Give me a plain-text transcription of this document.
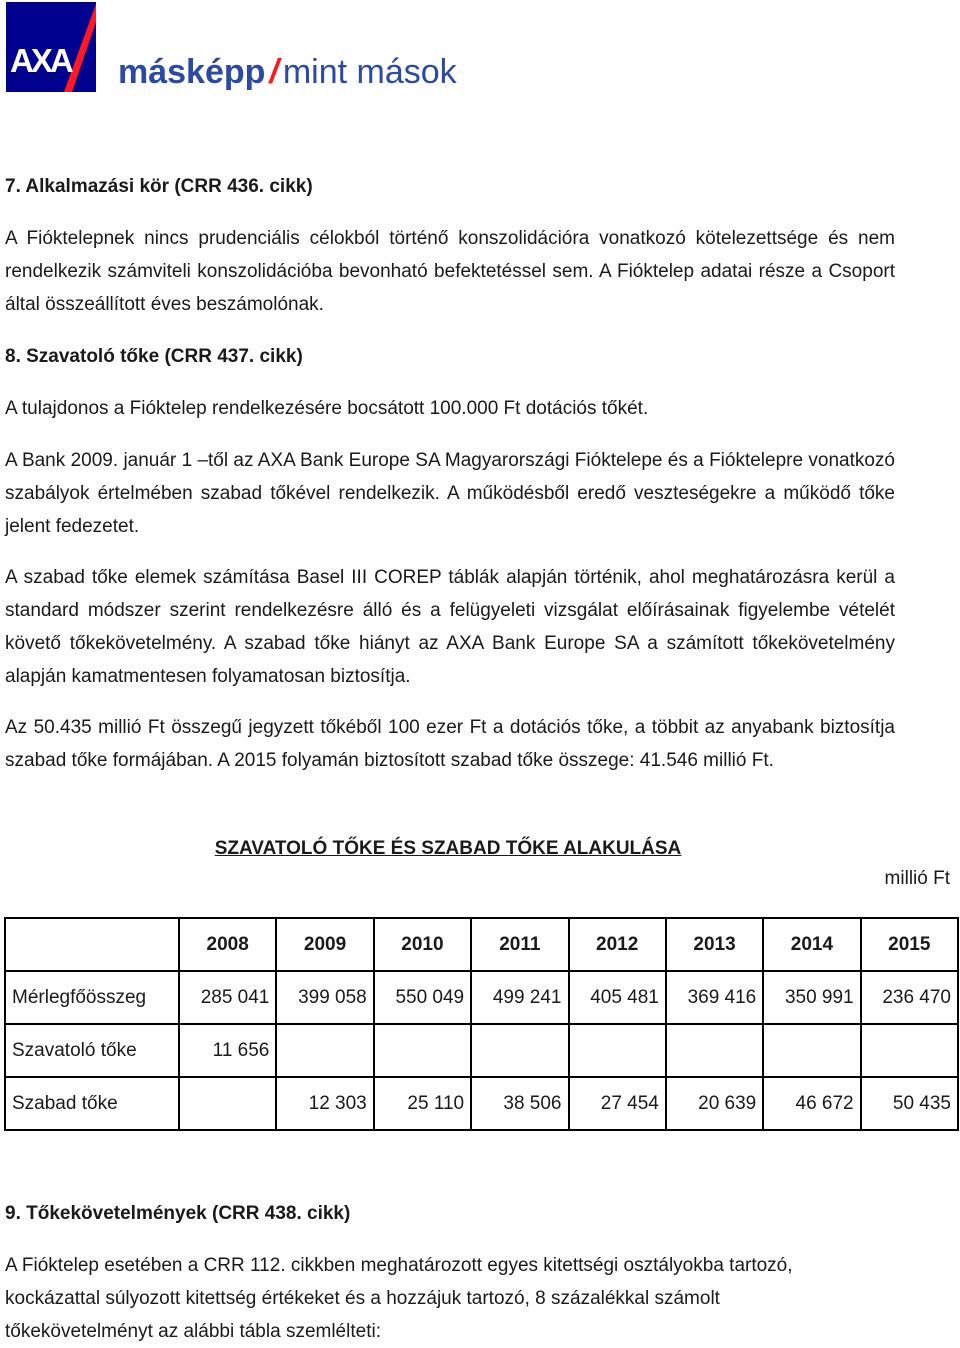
AXA másképp / mint mások
7. Alkalmazási kör (CRR 436. cikk)

A Fióktelepnek nincs prudenciális célokból történő konszolidációra vonatkozó kötelezettsége és nem rendelkezik számviteli konszolidációba bevonható befektetéssel sem. A Fióktelep adatai része a Csoport által összeállított éves beszámolónak.

8. Szavatoló tőke (CRR 437. cikk)

A tulajdonos a Fióktelep rendelkezésére bocsátott 100.000 Ft dotációs tőkét.

A Bank 2009. január 1 –től az AXA Bank Europe SA Magyarországi Fióktelepe és a Fióktelepre vonatkozó szabályok értelmében szabad tőkével rendelkezik. A működésből eredő veszteségekre a működő tőke jelent fedezetet.

A szabad tőke elemek számítása Basel III COREP táblák alapján történik, ahol meghatározásra kerül a standard módszer szerint rendelkezésre álló és a felügyeleti vizsgálat előírásainak figyelembe vételét követő tőkekövetelmény. A szabad tőke hiányt az AXA Bank Europe SA a számított tőkekövetelmény alapján kamatmentesen folyamatosan biztosítja.

Az 50.435 millió Ft összegű jegyzett tőkéből 100 ezer Ft a dotációs tőke, a többit az anyabank biztosítja szabad tőke formájában. A 2015 folyamán biztosított szabad tőke összege: 41.546 millió Ft.

SZAVATOLÓ TŐKE ÉS SZABAD TŐKE ALAKULÁSA
millió Ft
	2008	2009	2010	2011	2012	2013	2014	2015
Mérlegfőösszeg	285 041	399 058	550 049	499 241	405 481	369 416	350 991	236 470
Szavatoló tőke	11 656							
Szabad tőke		12 303	25 110	38 506	27 454	20 639	46 672	50 435
9. Tőkekövetelmények (CRR 438. cikk)

A Fióktelep esetében a CRR 112. cikkben meghatározott egyes kitettségi osztályokba tartozó,

kockázattal súlyozott kitettség értékeket és a hozzájuk tartozó, 8 százalékkal számolt

tőkekövetelményt az alábbi tábla szemlélteti:
